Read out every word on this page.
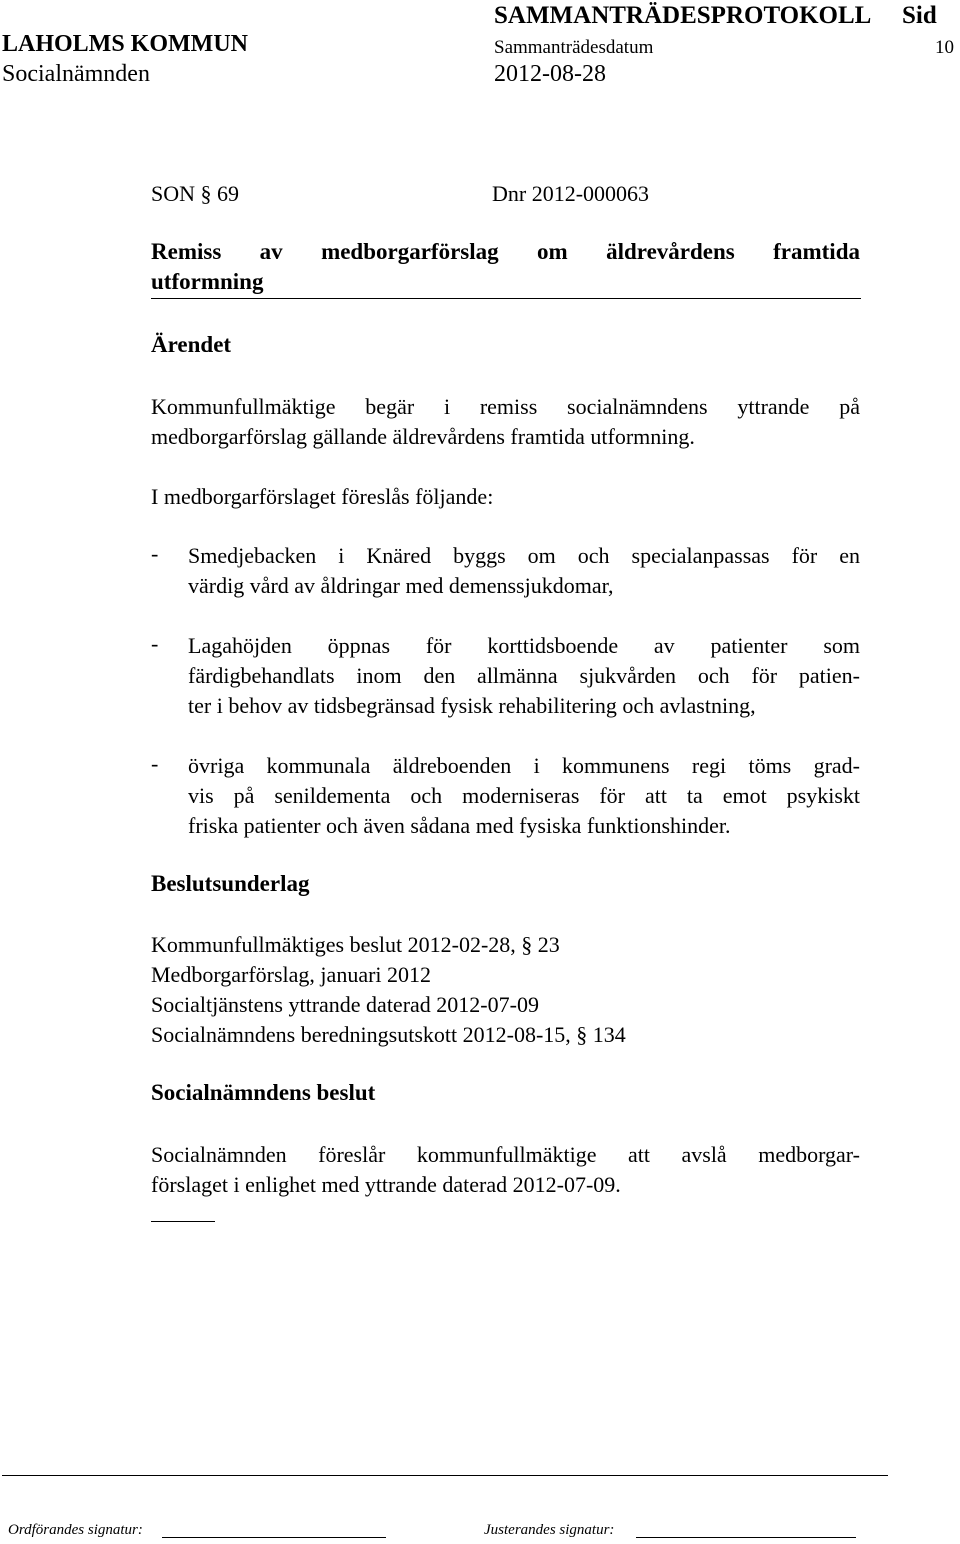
SAMMANTRÄDESPROTOKOLL Sid
LAHOLMS KOMMUN	Sammanträdesdatum	10
Socialnämnden	2012-08-28
SON § 69	Dnr 2012-000063
Remiss av medborgarförslag om äldrevårdens framtida
utformning
Ärendet
Kommunfullmäktige begär i remiss socialnämndens yttrande på
medborgarförslag gällande äldrevårdens framtida utformning.
I medborgarförslaget föreslås följande:
- Smedjebacken i Knäred byggs om och specialanpassas för en
värdig vård av åldringar med demenssjukdomar,
- Lagahöjden öppnas för korttidsboende av patienter som
färdigbehandlats inom den allmänna sjukvården och för patien-
ter i behov av tidsbegränsad fysisk rehabilitering och avlastning,
- övriga kommunala äldreboenden i kommunens regi töms grad-
vis på senildementa och moderniseras för att ta emot psykiskt
friska patienter och även sådana med fysiska funktionshinder.
Beslutsunderlag
Kommunfullmäktiges beslut 2012-02-28, § 23
Medborgarförslag, januari 2012
Socialtjänstens yttrande daterad 2012-07-09
Socialnämndens beredningsutskott 2012-08-15, § 134
Socialnämndens beslut
Socialnämnden föreslår kommunfullmäktige att avslå medborgar-
förslaget i enlighet med yttrande daterad 2012-07-09.
Ordförandes signatur:	Justerandes signatur:
